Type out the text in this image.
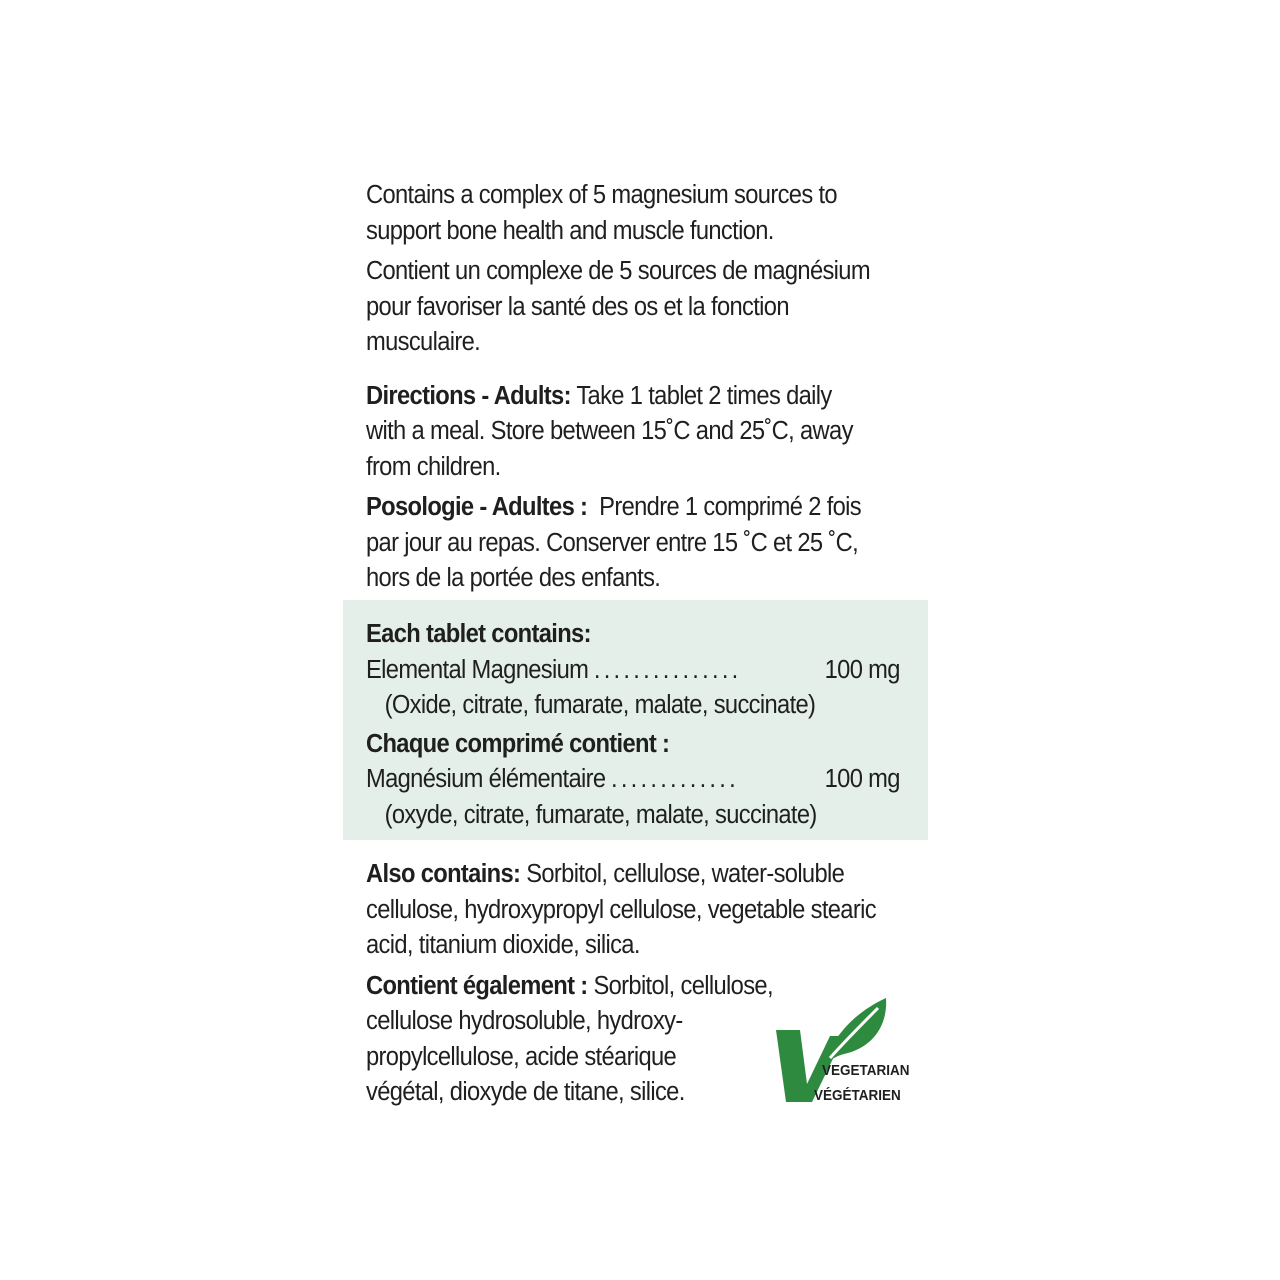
Contains a complex of 5 magnesium sources to support bone health and muscle function.

Contient un complexe de 5 sources de magnésium pour favoriser la santé des os et la fonction musculaire.

Directions - Adults: Take 1 tablet 2 times daily with a meal. Store between 15˚C and 25˚C, away from children.

Posologie - Adultes :  Prendre 1 comprimé 2 fois par jour au repas. Conserver entre 15 ˚C et 25 ˚C, hors de la portée des enfants.

Each tablet contains:
Elemental Magnesium ...............	100 mg
(Oxide, citrate, fumarate, malate, succinate)
Chaque comprimé contient :
Magnésium élémentaire .............	100 mg
(oxyde, citrate, fumarate, malate, succinate)

Also contains: Sorbitol, cellulose, water-soluble cellulose, hydroxypropyl cellulose, vegetable stearic acid, titanium dioxide, silica.

Contient également : Sorbitol, cellulose,

cellulose hydrosoluble, hydroxy-propylcellulose, acide stéarique végétal, dioxyde de titane, silice.

VEGETARIAN
VÉGÉTARIEN
